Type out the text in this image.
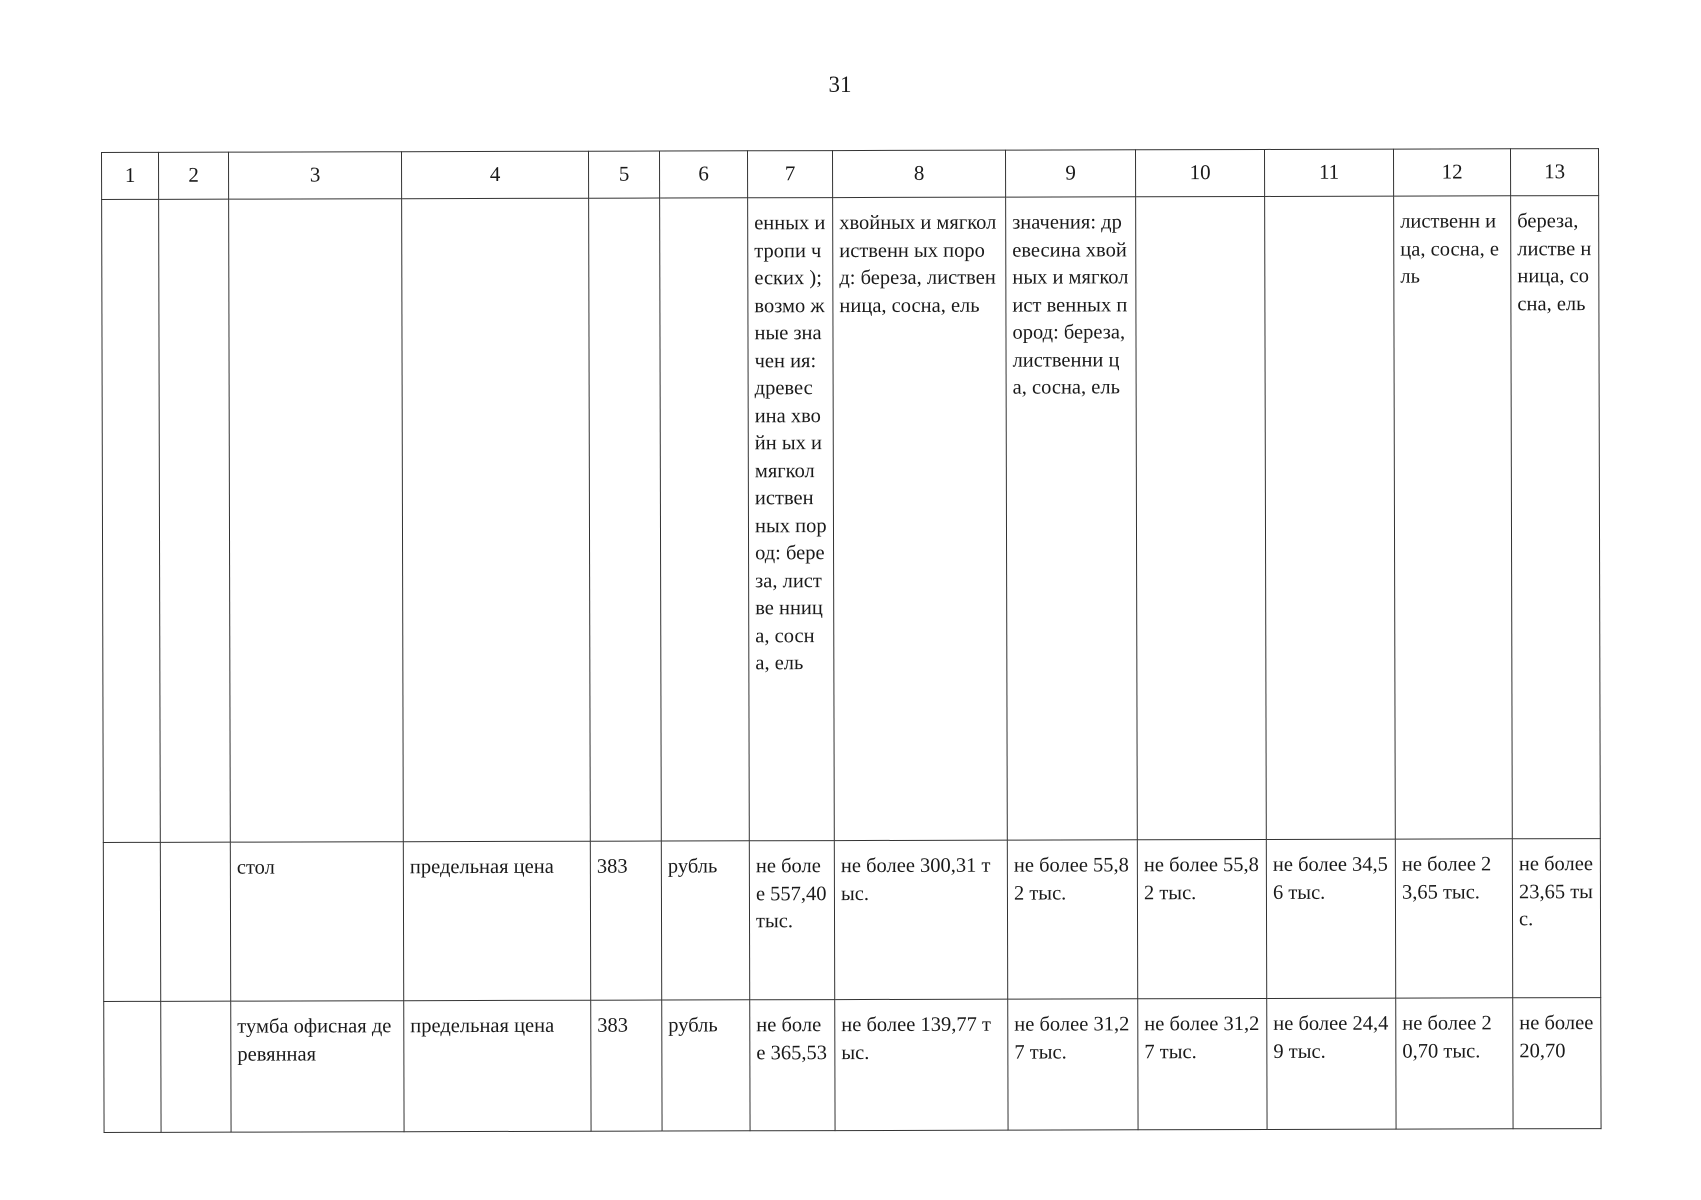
31
1	2	3	4	5	6	7	8	9	10	11	12	13
						енных и тропи ческих ); возмо жные значен ия: древес ина хвойн ых и мягкол иствен ных пород: береза, листве нница, сосна, ель	хвойных и мягколиственн ых пород: береза, лиственница, сосна, ель	значения: древесина хвойных и мягколист венных пород: береза, лиственни ца, сосна, ель			лиственн ица, сосна, ель	береза, листве нница, сосна, ель
		стол	предельная цена	383	рубль	не более 557,40 тыс.	не более 300,31 тыс.	не более 55,82 тыс.	не более 55,82 тыс.	не более 34,56 тыс.	не более 23,65 тыс.	не более 23,65 тыс.
		тумба офисная деревянная	предельная цена	383	рубль	не более 365,53	не более 139,77 тыс.	не более 31,27 тыс.	не более 31,27 тыс.	не более 24,49 тыс.	не более 20,70 тыс.	не более 20,70
